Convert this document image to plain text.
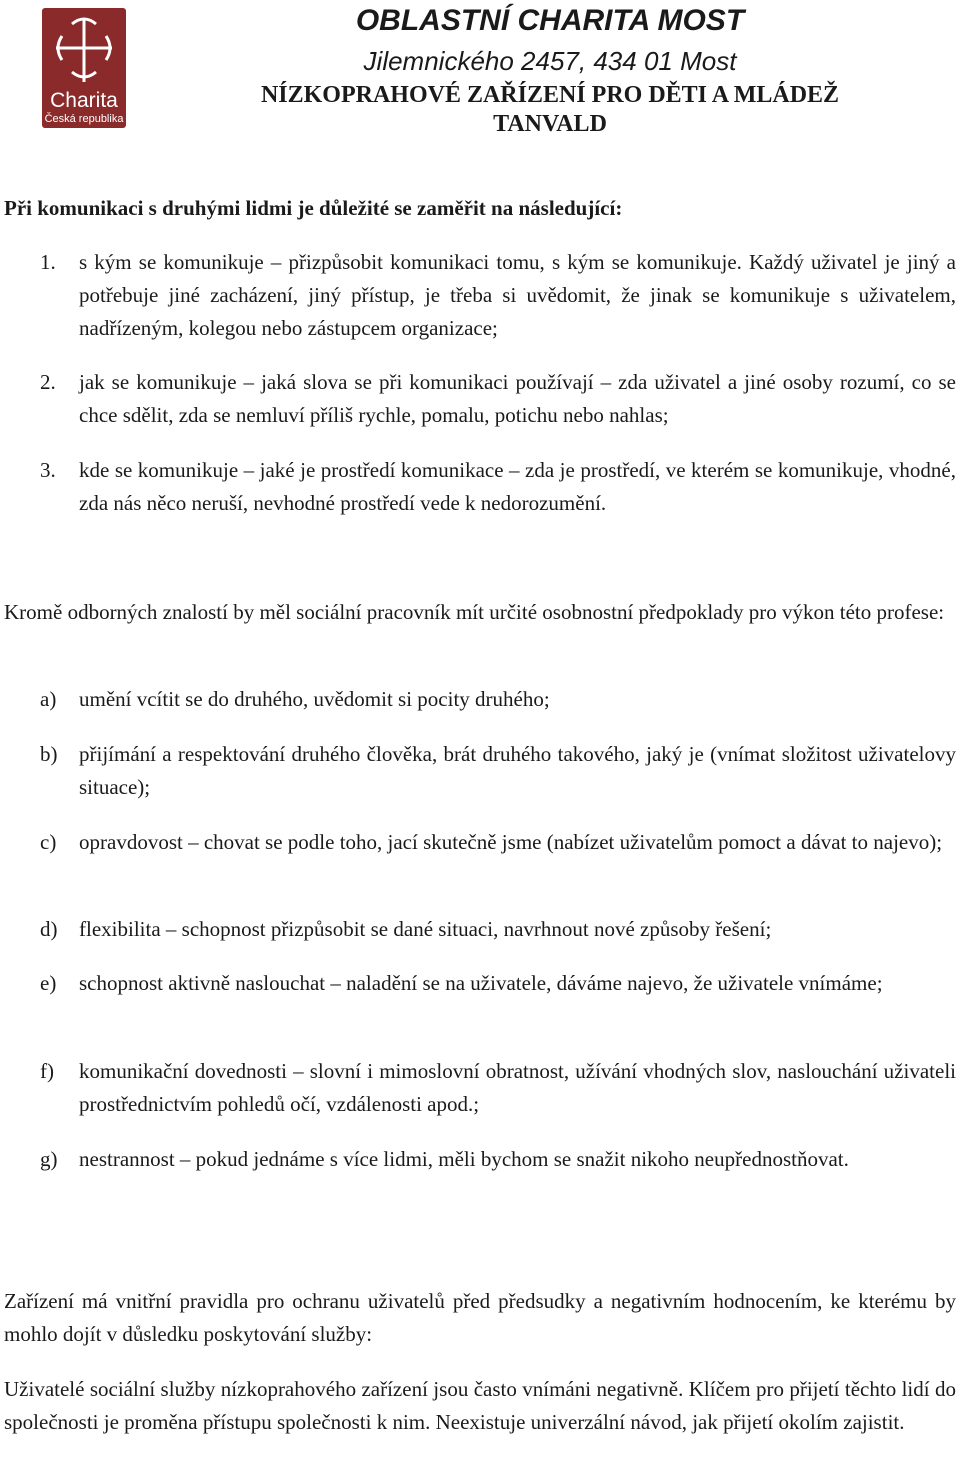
Charita
Česká republika
OBLASTNÍ CHARITA MOST
Jilemnického 2457, 434 01 Most
NÍZKOPRAHOVÉ ZAŘÍZENÍ PRO DĚTI A MLÁDEŽ
TANVALD
Při komunikaci s druhými lidmi je důležité se zaměřit na následující:
1.	s kým se komunikuje – přizpůsobit komunikaci tomu, s kým se komunikuje. Každý uživatel je jiný a potřebuje jiné zacházení, jiný přístup, je třeba si uvědomit, že jinak se komunikuje s uživatelem, nadřízeným, kolegou nebo zástupcem organizace;
2.	jak se komunikuje – jaká slova se při komunikaci používají – zda uživatel a jiné osoby rozumí, co se chce sdělit, zda se nemluví příliš rychle, pomalu, potichu nebo nahlas;
3.	kde se komunikuje – jaké je prostředí komunikace – zda je prostředí, ve kterém se komunikuje, vhodné, zda nás něco neruší, nevhodné prostředí vede k nedorozumění.
Kromě odborných znalostí by měl sociální pracovník mít určité osobnostní předpoklady pro výkon této profese:
a)	umění vcítit se do druhého, uvědomit si pocity druhého;
b)	přijímání a respektování druhého člověka, brát druhého takového, jaký je (vnímat složitost uživatelovy situace);
c)	opravdovost – chovat se podle toho, jací skutečně jsme (nabízet uživatelům pomoct a dávat to najevo);
d)	flexibilita – schopnost přizpůsobit se dané situaci, navrhnout nové způsoby řešení;
e)	schopnost aktivně naslouchat – naladění se na uživatele, dáváme najevo, že uživatele vnímáme;
f)	komunikační dovednosti – slovní i mimoslovní obratnost, užívání vhodných slov, naslouchání uživateli prostřednictvím pohledů očí, vzdálenosti apod.;
g)	nestrannost – pokud jednáme s více lidmi, měli bychom se snažit nikoho neupřednostňovat.
Zařízení má vnitřní pravidla pro ochranu uživatelů před předsudky a negativním hodnocením, ke kterému by mohlo dojít v důsledku poskytování služby:
Uživatelé sociální služby nízkoprahového zařízení jsou často vnímáni negativně. Klíčem pro přijetí těchto lidí do společnosti je proměna přístupu společnosti k nim. Neexistuje univerzální návod, jak přijetí okolím zajistit.
